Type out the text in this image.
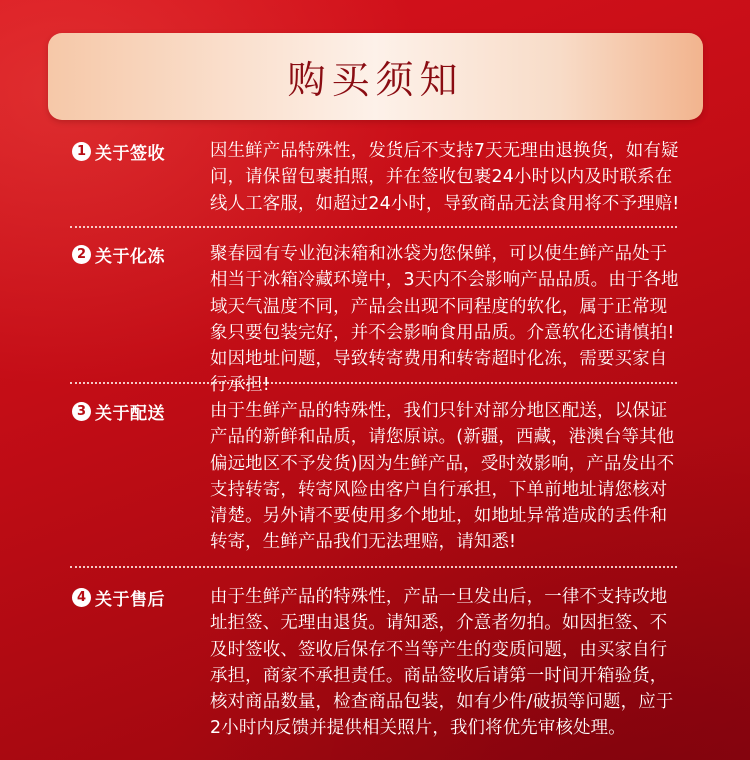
购买须知
1 关于签收	因生鲜产品特殊性，发货后不支持7天无理由退换货，如有疑问，请保留包裹拍照，并在签收包裹24小时以内及时联系在线人工客服，如超过24小时，导致商品无法食用将不予理赔!
2 关于化冻	聚春园有专业泡沫箱和冰袋为您保鲜，可以使生鲜产品处于相当于冰箱冷藏环境中，3天内不会影响产品品质。由于各地域天气温度不同，产品会出现不同程度的软化，属于正常现象只要包装完好，并不会影响食用品质。介意软化还请慎拍!如因地址问题，导致转寄费用和转寄超时化冻，需要买家自行承担!
3 关于配送	由于生鲜产品的特殊性，我们只针对部分地区配送，以保证产品的新鲜和品质，请您原谅。(新疆，西藏，港澳台等其他偏远地区不予发货)因为生鲜产品，受时效影响，产品发出不支持转寄，转寄风险由客户自行承担，下单前地址请您核对清楚。另外请不要使用多个地址，如地址异常造成的丢件和转寄，生鲜产品我们无法理赔，请知悉!
4 关于售后	由于生鲜产品的特殊性，产品一旦发出后，一律不支持改地址拒签、无理由退货。请知悉，介意者勿拍。如因拒签、不及时签收、签收后保存不当等产生的变质问题，由买家自行承担，商家不承担责任。商品签收后请第一时间开箱验货，核对商品数量，检查商品包装，如有少件/破损等问题，应于2小时内反馈并提供相关照片，我们将优先审核处理。
